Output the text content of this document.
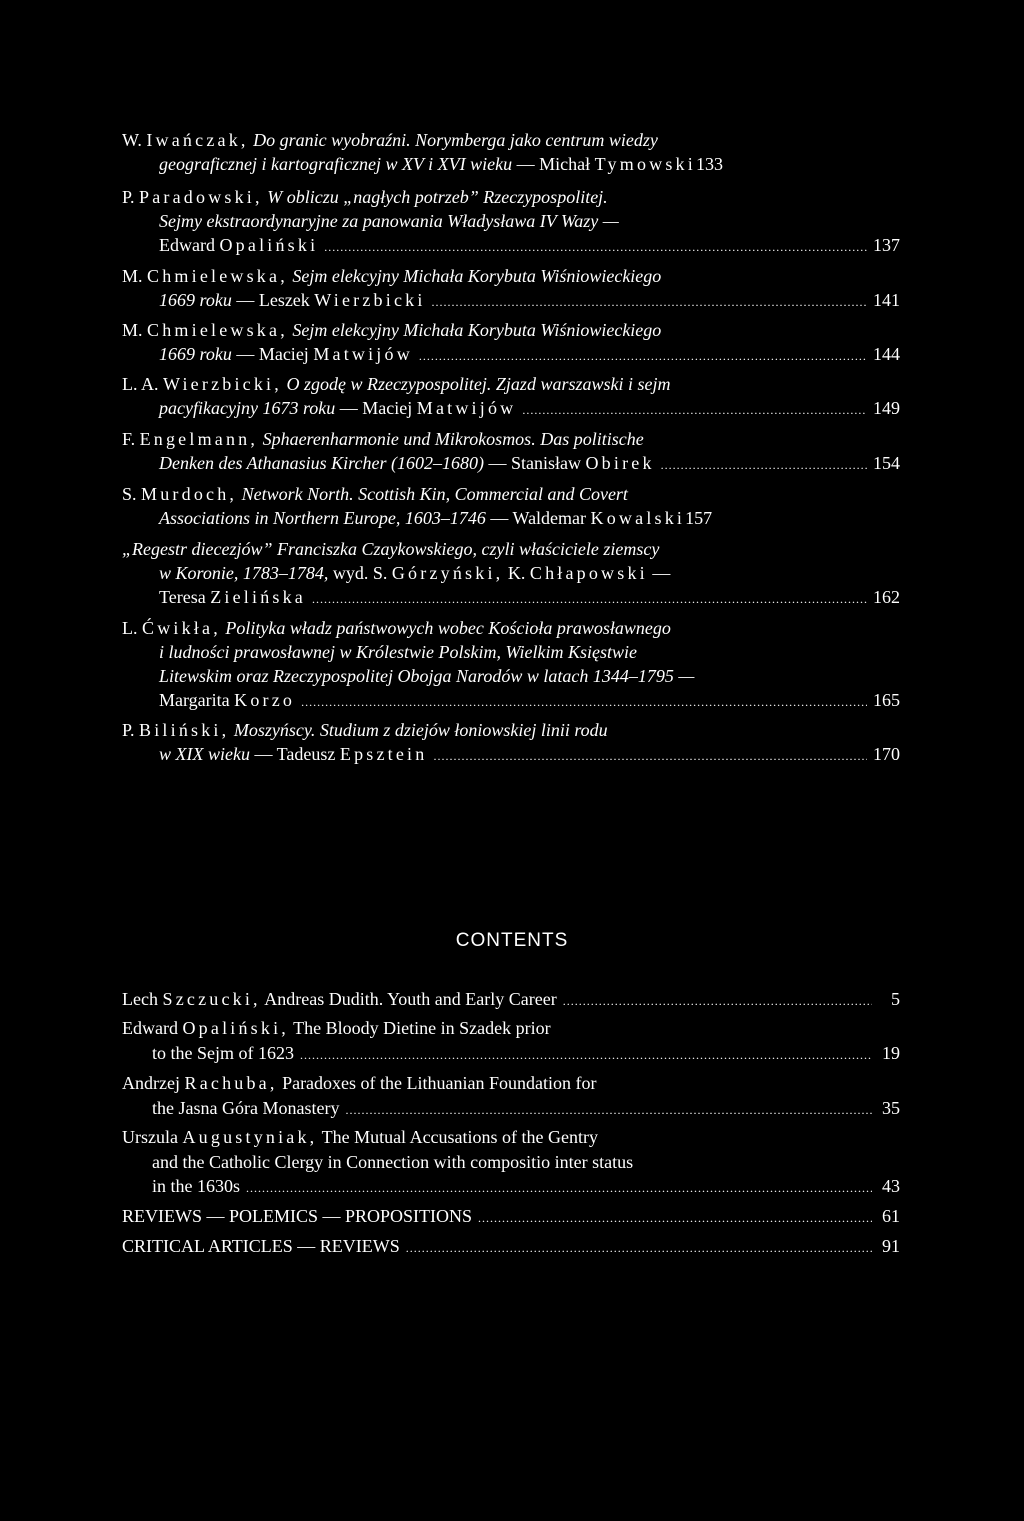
W. Iwańczak, Do granic wyobraźni. Norymberga jako centrum wiedzy
geograficznej i kartograficznej w XV i XVI wieku — Michał Tymowski 133
P. Paradowski, W obliczu „nagłych potrzeb” Rzeczypospolitej.
Sejmy ekstraordynaryjne za panowania Władysława IV Wazy —
Edward Opaliński .....	137
M. Chmielewska, Sejm elekcyjny Michała Korybuta Wiśniowieckiego
1669 roku — Leszek Wierzbicki .....	141
M. Chmielewska, Sejm elekcyjny Michała Korybuta Wiśniowieckiego
1669 roku — Maciej Matwijów .....	144
L. A. Wierzbicki, O zgodę w Rzeczypospolitej. Zjazd warszawski i sejm
pacyfikacyjny 1673 roku — Maciej Matwijów .....	149
F. Engelmann, Sphaerenharmonie und Mikrokosmos. Das politische
Denken des Athanasius Kircher (1602–1680) — Stanisław Obirek .....	154
S. Murdoch, Network North. Scottish Kin, Commercial and Covert
Associations in Northern Europe, 1603–1746 — Waldemar Kowalski 157
„Regestr diecezjów” Franciszka Czaykowskiego, czyli właściciele ziemscy
w Koronie, 1783–1784, wyd. S. Górzyński, K. Chłapowski —
Teresa Zielińska .....	162
L. Ćwikła, Polityka władz państwowych wobec Kościoła prawosławnego
i ludności prawosławnej w Królestwie Polskim, Wielkim Księstwie
Litewskim oraz Rzeczypospolitej Obojga Narodów w latach 1344–1795 —
Margarita Korzo .....	165
P. Biliński, Moszyńscy. Studium z dziejów łoniowskiej linii rodu
w XIX wieku — Tadeusz Epsztein .....	170
CONTENTS
Lech Szczucki, Andreas Dudith. Youth and Early Career .....	5
Edward Opaliński, The Bloody Dietine in Szadek prior
to the Sejm of 1623 .....	19
Andrzej Rachuba, Paradoxes of the Lithuanian Foundation for
the Jasna Góra Monastery .....	35
Urszula Augustyniak, The Mutual Accusations of the Gentry
and the Catholic Clergy in Connection with compositio inter status
in the 1630s .....	43
REVIEWS — POLEMICS — PROPOSITIONS .....	61
CRITICAL ARTICLES — REVIEWS .....	91
